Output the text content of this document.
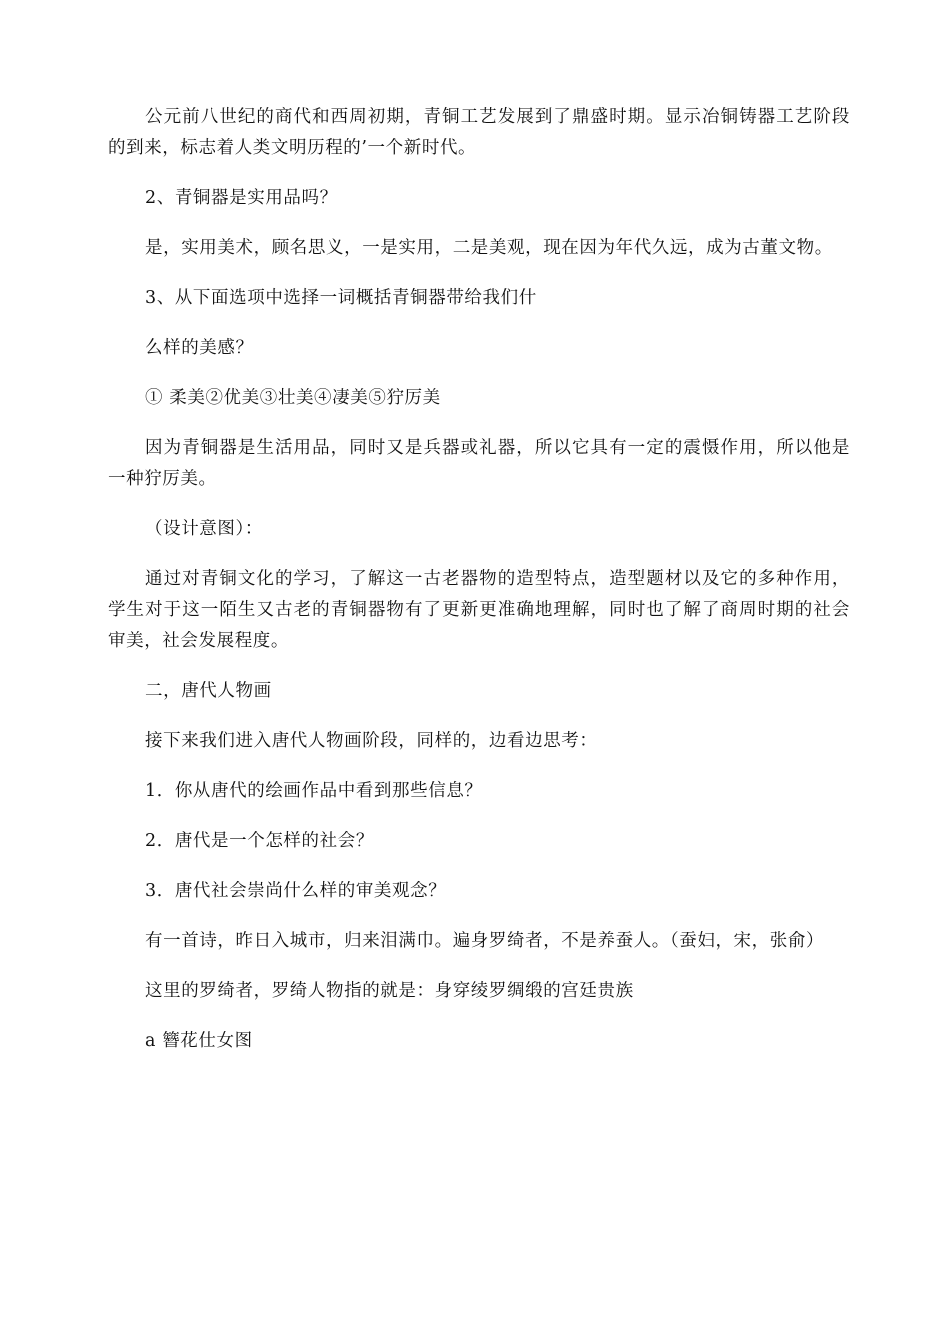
公元前八世纪的商代和西周初期，青铜工艺发展到了鼎盛时期。显示冶铜铸器工艺阶段的到来，标志着人类文明历程的’一个新时代。

2、青铜器是实用品吗？

是，实用美术，顾名思义，一是实用，二是美观，现在因为年代久远，成为古董文物。

3、从下面选项中选择一词概括青铜器带给我们什

么样的美感？

① 柔美②优美③壮美④凄美⑤狞厉美

因为青铜器是生活用品，同时又是兵器或礼器，所以它具有一定的震慑作用，所以他是一种狞厉美。

（设计意图）：

通过对青铜文化的学习，了解这一古老器物的造型特点，造型题材以及它的多种作用，学生对于这一陌生又古老的青铜器物有了更新更准确地理解，同时也了解了商周时期的社会审美，社会发展程度。

二，唐代人物画

接下来我们进入唐代人物画阶段，同样的，边看边思考：

1．你从唐代的绘画作品中看到那些信息？

2．唐代是一个怎样的社会？

3．唐代社会崇尚什么样的审美观念？

有一首诗，昨日入城市，归来泪满巾。遍身罗绮者，不是养蚕人。（蚕妇，宋，张俞）

这里的罗绮者，罗绮人物指的就是：身穿绫罗绸缎的宫廷贵族

a 簪花仕女图
